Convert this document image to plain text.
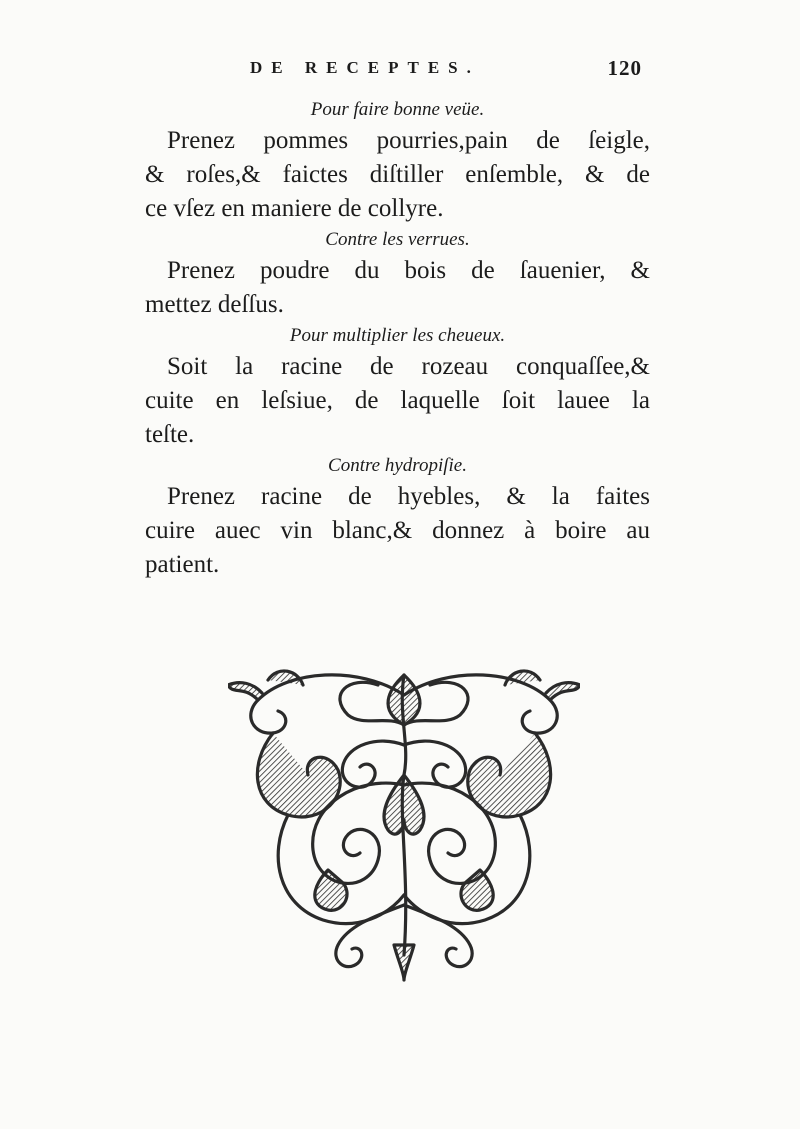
DE RECEPTES.	120
Pour faire bonne veüe.
Prenez pommes pourries,pain de ſeigle,
& roſes,& faictes diſtiller enſemble, & de
ce vſez en maniere de collyre.
Contre les verrues.
Prenez poudre du bois de ſauenier, &
mettez deſſus.
Pour multiplier les cheueux.
Soit la racine de rozeau conquaſſee,&
cuite en leſsiue, de laquelle ſoit lauee la
teſte.
Contre hydropiſie.
Prenez racine de hyebles, & la faites
cuire auec vin blanc,& donnez à boire au
patient.
